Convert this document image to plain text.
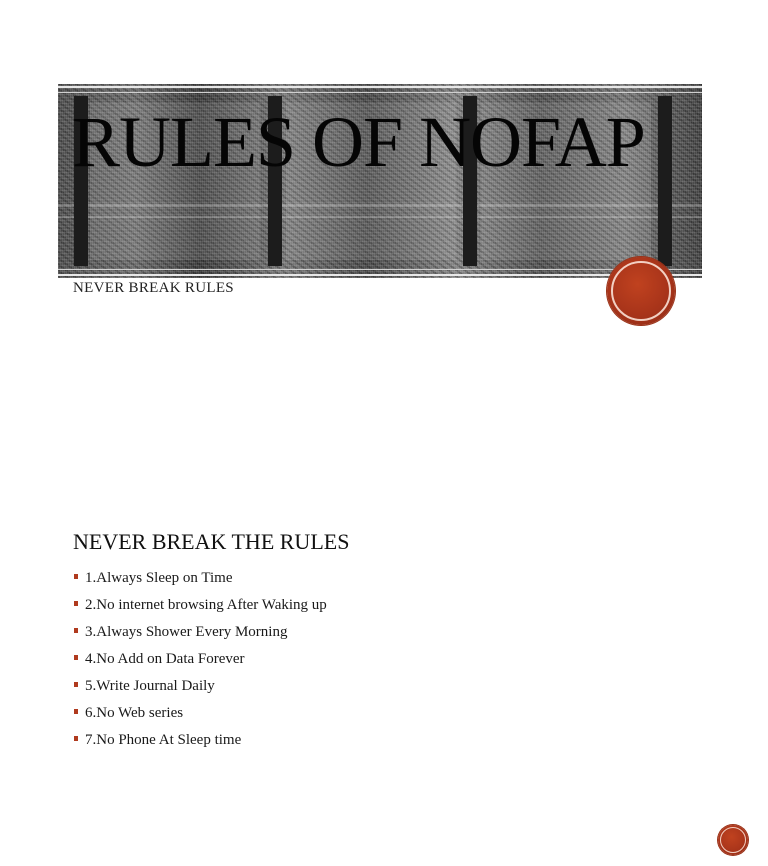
RULES OF NOFAP
NEVER BREAK RULES
NEVER BREAK THE RULES
1.Always Sleep on Time
2.No internet browsing After Waking up
3.Always Shower Every Morning
4.No Add on Data Forever
5.Write Journal Daily
6.No Web series
7.No Phone At Sleep time
